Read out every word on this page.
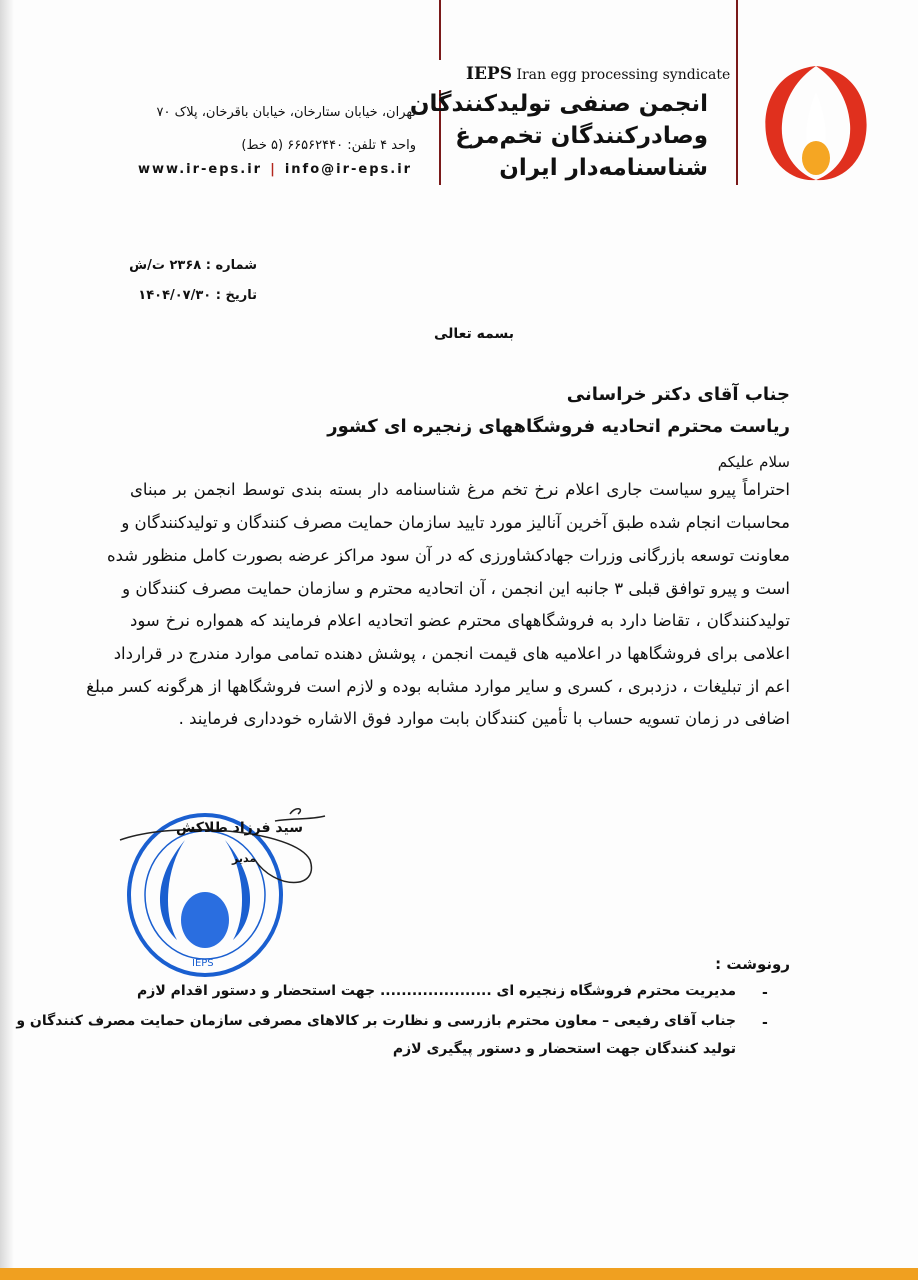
IEPS Iran egg processing syndicate
انجمن صنفی تولیدکنندگان
وصادرکنندگان تخم‌مرغ
شناسنامه‌دار ایران
تهران، خیابان ستارخان، خیابان باقرخان، پلاک ۷۰
واحد ۴ تلفن: ۶۶۵۶۲۴۴۰ (۵ خط)
www.ir-eps.ir | info@ir-eps.ir
شماره : ۲۳۶۸ ت/ش
تاریخ : ۱۴۰۴/۰۷/۳۰
بسمه تعالی
جناب آقای دکتر خراسانی
ریاست محترم اتحادیه فروشگاههای زنجیره ای کشور
سلام علیکم
احتراماً پیرو سیاست جاری اعلام نرخ تخم مرغ شناسنامه دار بسته بندی توسط انجمن بر مبنای
محاسبات انجام شده طبق آخرین آنالیز مورد تایید سازمان حمایت مصرف کنندگان و تولیدکنندگان و
معاونت توسعه بازرگانی وزرات جهادکشاورزی که در آن سود مراکز عرضه بصورت کامل منظور شده
است و پیرو توافق قبلی ۳ جانبه این انجمن ، آن اتحادیه محترم و سازمان حمایت مصرف کنندگان و
تولیدکنندگان ، تقاضا دارد به فروشگاههای محترم عضو اتحادیه اعلام فرمایند که همواره نرخ سود
اعلامی برای فروشگاهها در اعلامیه های قیمت انجمن ، پوشش دهنده تمامی موارد مندرج در قرارداد
اعم از تبلیغات ، دزدبری ، کسری و سایر موارد مشابه بوده و لازم است فروشگاهها از هرگونه کسر مبلغ
اضافی در زمان تسویه حساب با تأمین کنندگان بابت موارد فوق الاشاره خودداری فرمایند .
IEPS
سید فرزاد طلاکش
مدیر
رونوشت :
-
مدیریت محترم فروشگاه زنجیره ای ..................... جهت استحضار و دستور اقدام لازم
-
جناب آقای رفیعی – معاون محترم بازرسی و نظارت بر کالاهای مصرفی سازمان حمایت مصرف کنندگان و
تولید کنندگان جهت استحضار و دستور پیگیری لازم
